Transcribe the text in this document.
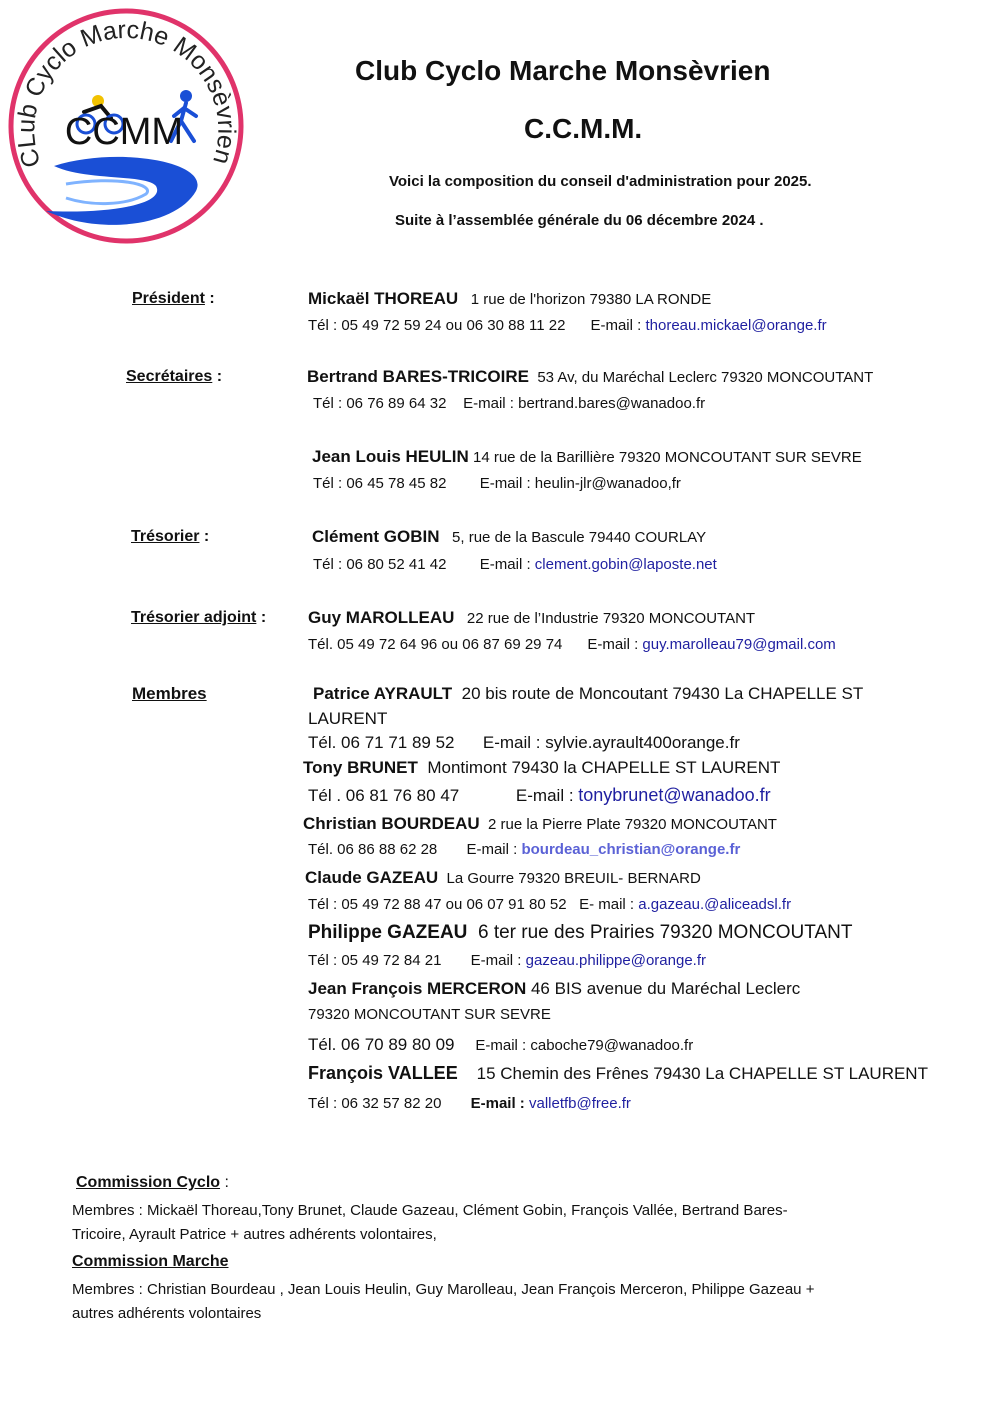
CLub Cyclo Marche Monsèvrien
CCMM
Club Cyclo Marche Monsèvrien
C.C.M.M.
Voici la composition du conseil d'administration pour 2025.
Suite à l’assemblée générale du 06 décembre 2024 .
Président :	Mickaël THOREAU 1 rue de l'horizon 79380 LA RONDE
Tél : 05 49 72 59 24 ou 06 30 88 11 22 E-mail : thoreau.mickael@orange.fr
Secrétaires :	Bertrand BARES-TRICOIRE 53 Av, du Maréchal Leclerc 79320 MONCOUTANT
Tél : 06 76 89 64 32 E-mail : bertrand.bares@wanadoo.fr
Jean Louis HEULIN 14 rue de la Barillière 79320 MONCOUTANT SUR SEVRE
Tél : 06 45 78 45 82 E-mail : heulin-jlr@wanadoo,fr
Trésorier :	Clément GOBIN 5, rue de la Bascule 79440 COURLAY
Tél : 06 80 52 41 42 E-mail : clement.gobin@laposte.net
Trésorier adjoint : Guy MAROLLEAU 22 rue de l’Industrie 79320 MONCOUTANT
Tél. 05 49 72 64 96 ou 06 87 69 29 74 E-mail : guy.marolleau79@gmail.com
Membres	Patrice AYRAULT 20 bis route de Moncoutant 79430 La CHAPELLE ST
LAURENT
Tél. 06 71 71 89 52 E-mail : sylvie.ayrault400orange.fr
Tony BRUNET Montimont 79430 la CHAPELLE ST LAURENT
Tél . 06 81 76 80 47	E-mail : tonybrunet@wanadoo.fr
Christian BOURDEAU 2 rue la Pierre Plate 79320 MONCOUTANT
Tél. 06 86 88 62 28 E-mail : bourdeau_christian@orange.fr
Claude GAZEAU La Gourre 79320 BREUIL- BERNARD
Tél : 05 49 72 88 47 ou 06 07 91 80 52 E- mail : a.gazeau.@aliceadsl.fr
Philippe GAZEAU 6 ter rue des Prairies 79320 MONCOUTANT
Tél : 05 49 72 84 21 E-mail : gazeau.philippe@orange.fr
Jean François MERCERON 46 BIS avenue du Maréchal Leclerc
79320 MONCOUTANT SUR SEVRE
Tél. 06 70 89 80 09 E-mail : caboche79@wanadoo.fr
François VALLEE 15 Chemin des Frênes 79430 La CHAPELLE ST LAURENT
Tél : 06 32 57 82 20 E-mail : valletfb@free.fr
Commission Cyclo :
Membres : Mickaël Thoreau,Tony Brunet, Claude Gazeau, Clément Gobin, François Vallée, Bertrand Bares-
Tricoire, Ayrault Patrice + autres adhérents volontaires,
Commission Marche
Membres : Christian Bourdeau , Jean Louis Heulin, Guy Marolleau, Jean François Merceron, Philippe Gazeau +
autres adhérents volontaires
